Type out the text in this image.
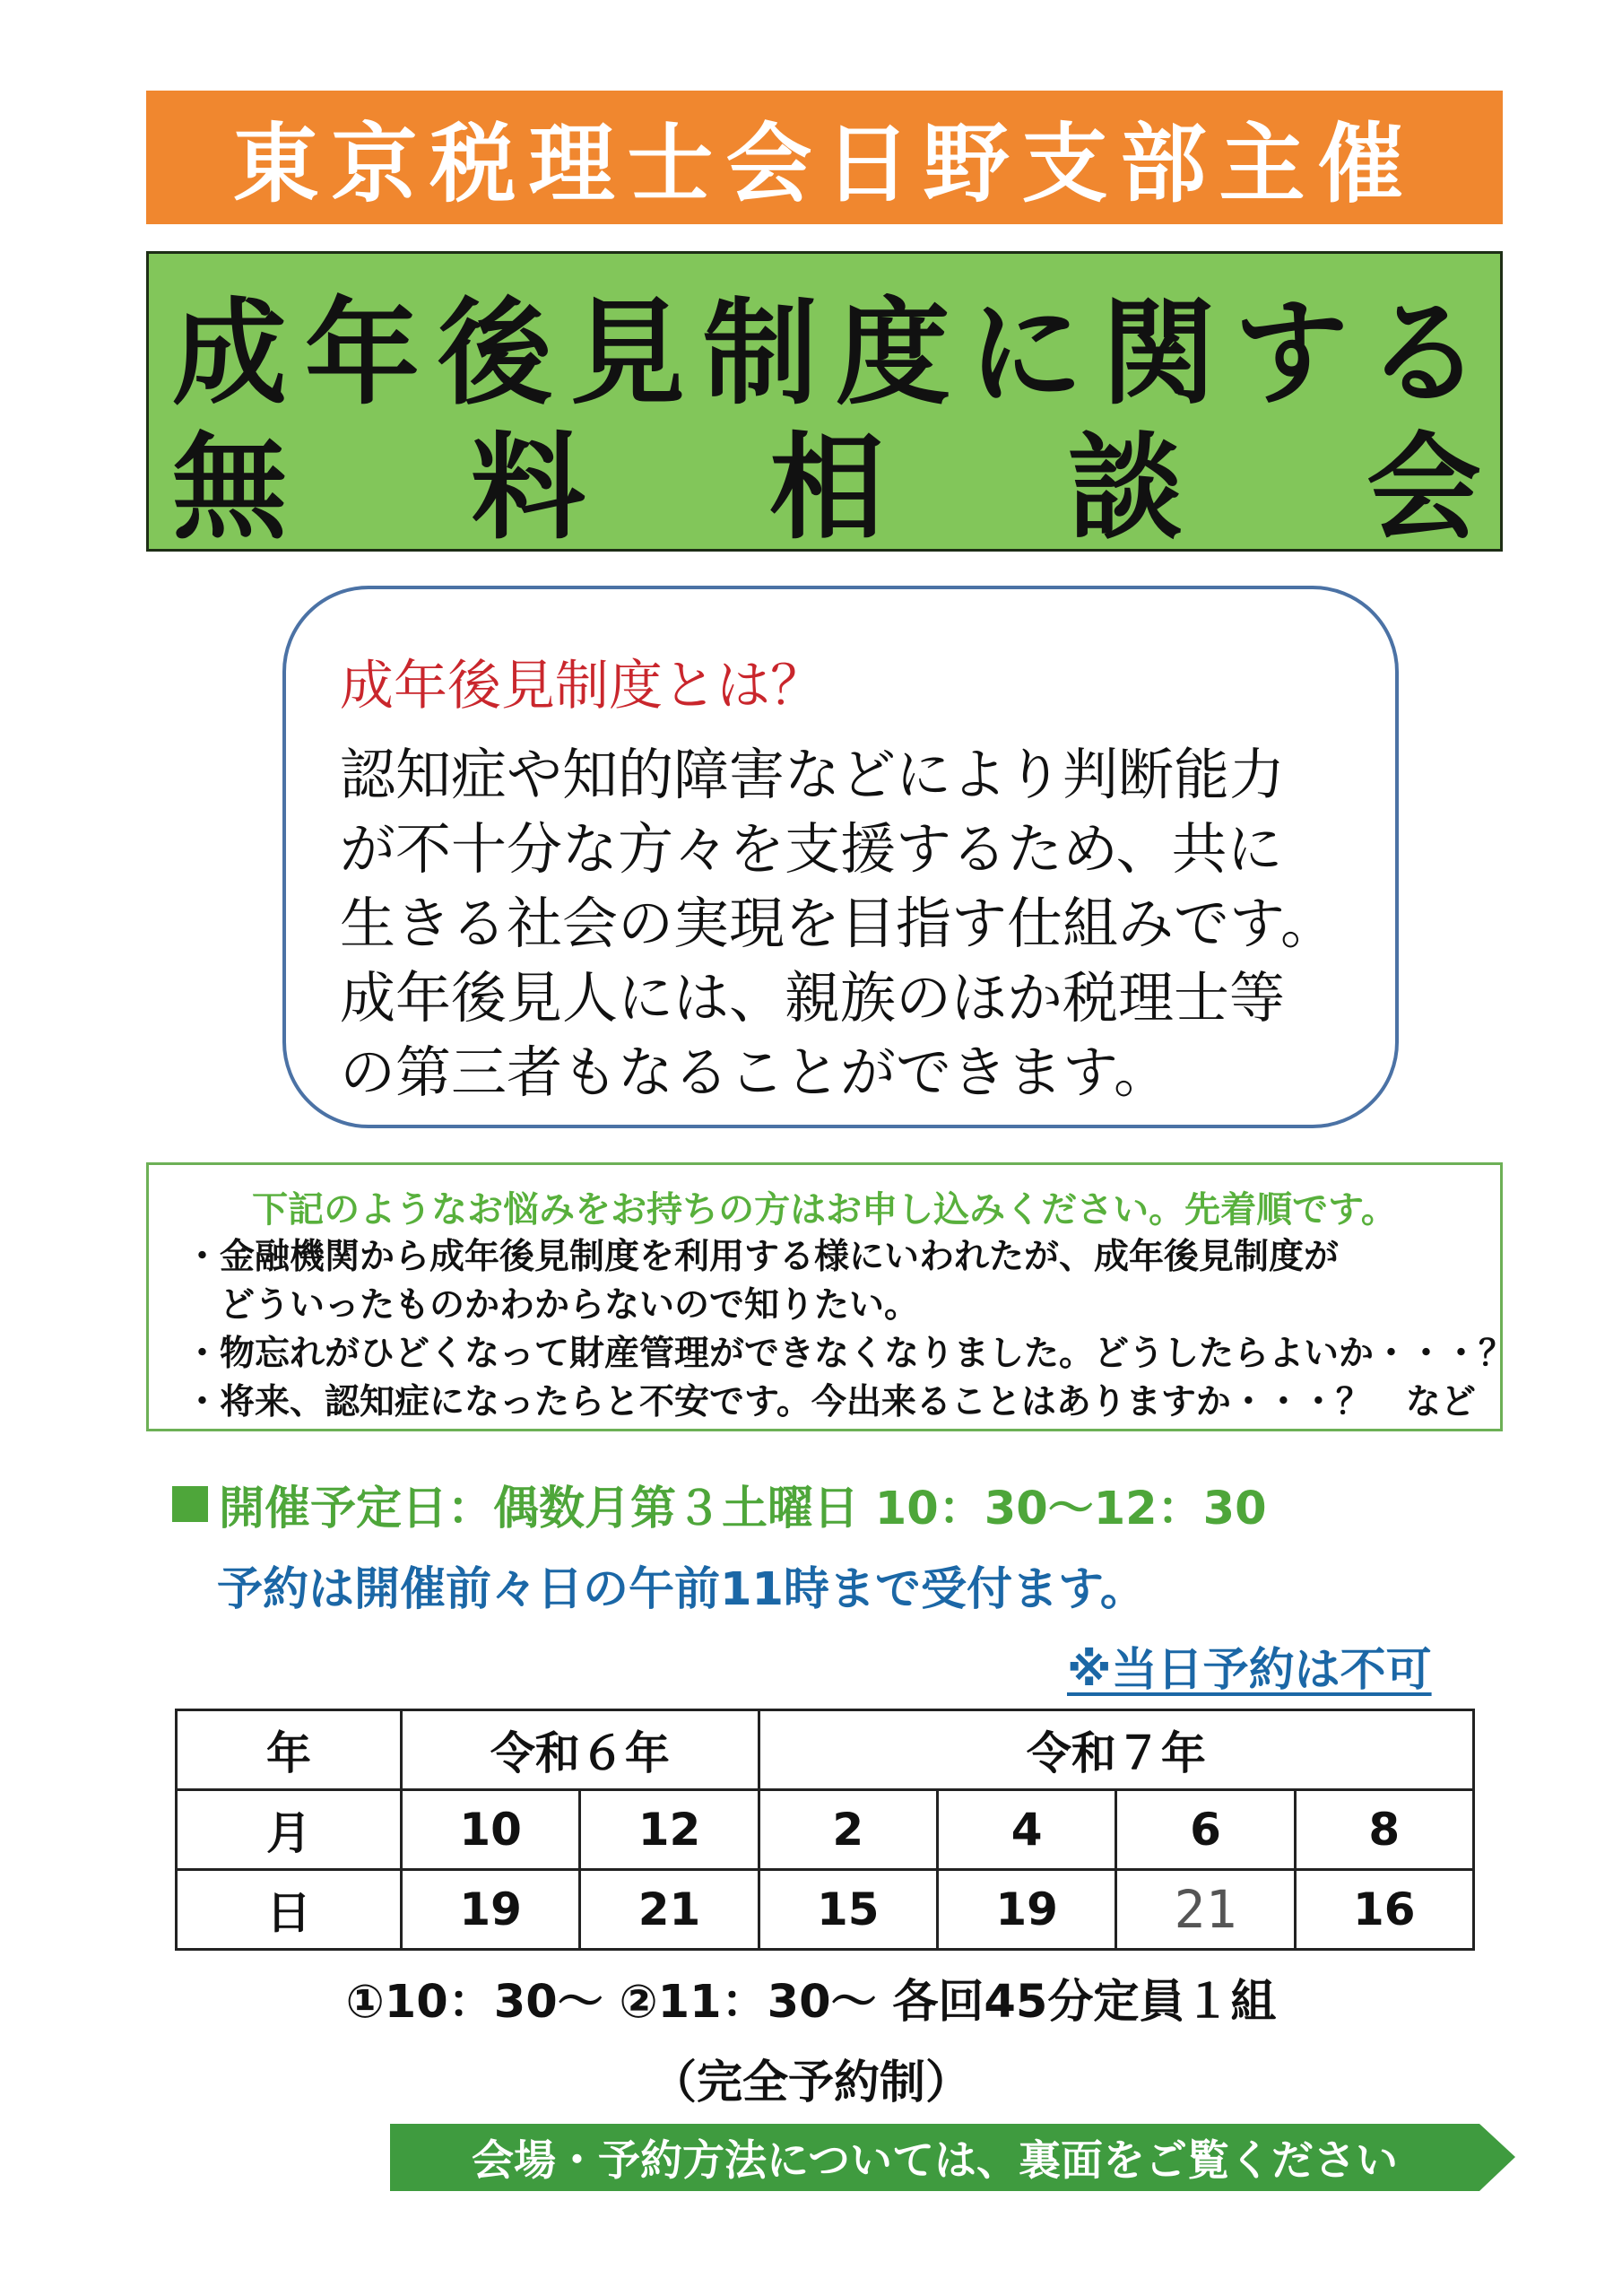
東京税理士会日野支部主催
成 年 後 見 制 度 に 関 す る
無 料 相 談 会
成年後見制度とは？
認知症や知的障害などにより判断能力
が不十分な方々を支援するため、共に
生きる社会の実現を目指す仕組みです。
成年後見人には、親族のほか税理士等
の第三者もなることができます。
下記のようなお悩みをお持ちの方はお申し込みください。先着順です。
・金融機関から成年後見制度を利用する様にいわれたが、成年後見制度が
　どういったものかわからないので知りたい。
・物忘れがひどくなって財産管理ができなくなりました。どうしたらよいか・・・？
・将来、認知症になったらと不安です。今出来ることはありますか・・・？　など
開催予定日：偶数月第３土曜日 10：30～12：30
予約は開催前々日の午前11時まで受付ます。
※当日予約は不可
年	令和６年		令和７年			
月	10	12	2	4	6	8
日	19	21	15	19	21	16
①10：30～ ②11：30～ 各回45分定員１組
（完全予約制）
会場・予約方法については、裏面をご覧ください
